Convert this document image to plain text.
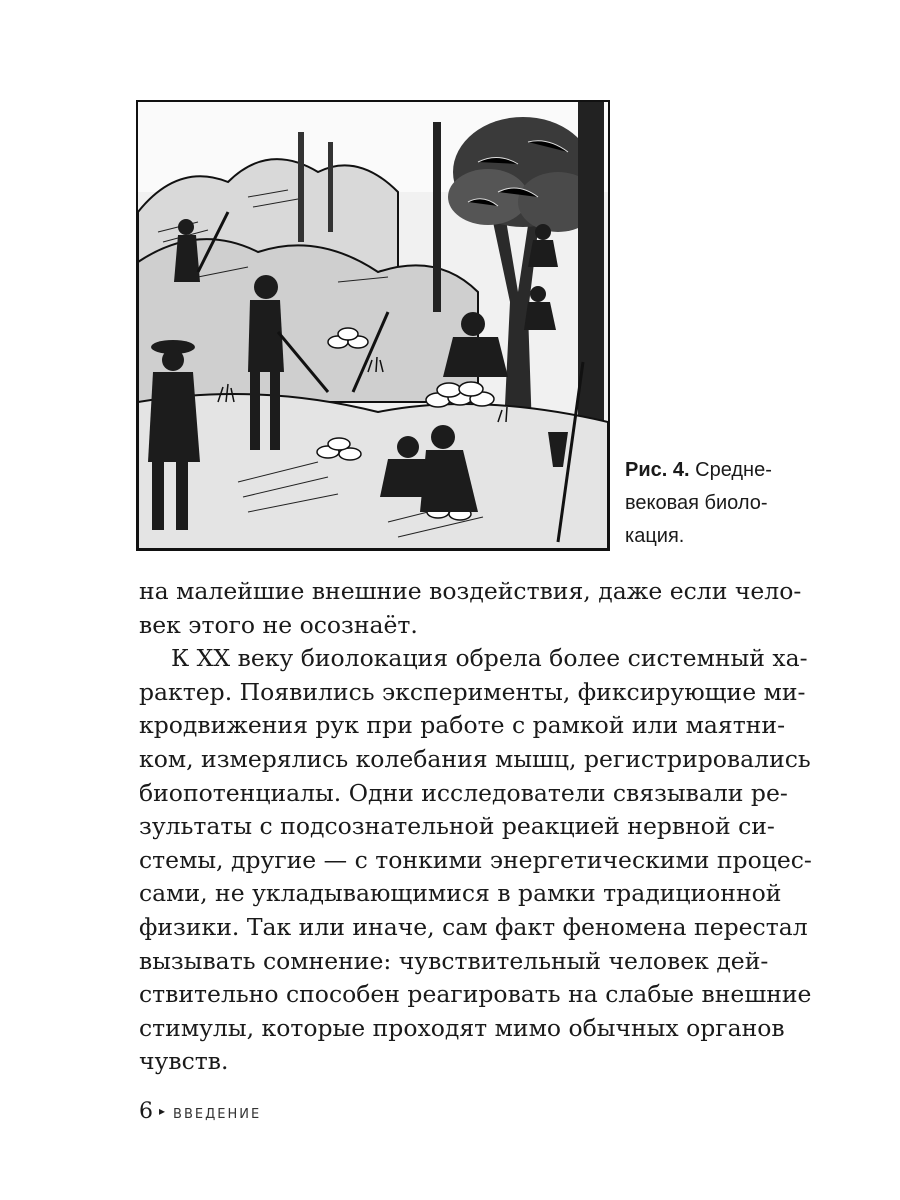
Рис. 4. Средне-
вековая биоло-
кация.
на малейшие внешние воздействия, даже если чело-
век этого не осознаёт.
К XX веку биолокация обрела более системный ха-
рактер. Появились эксперименты, фиксирующие ми-
кродвижения рук при работе с рамкой или маятни-
ком, измерялись колебания мышц, регистрировались
биопотенциалы. Одни исследователи связывали ре-
зультаты с подсознательной реакцией нервной си-
стемы, другие — с тонкими энергетическими процес-
сами, не укладывающимися в рамки традиционной
физики. Так или иначе, сам факт феномена перестал
вызывать сомнение: чувствительный человек дей-
ствительно способен реагировать на слабые внешние
стимулы, которые проходят мимо обычных органов
чувств.
6 ▸ ВВЕДЕНИЕ
